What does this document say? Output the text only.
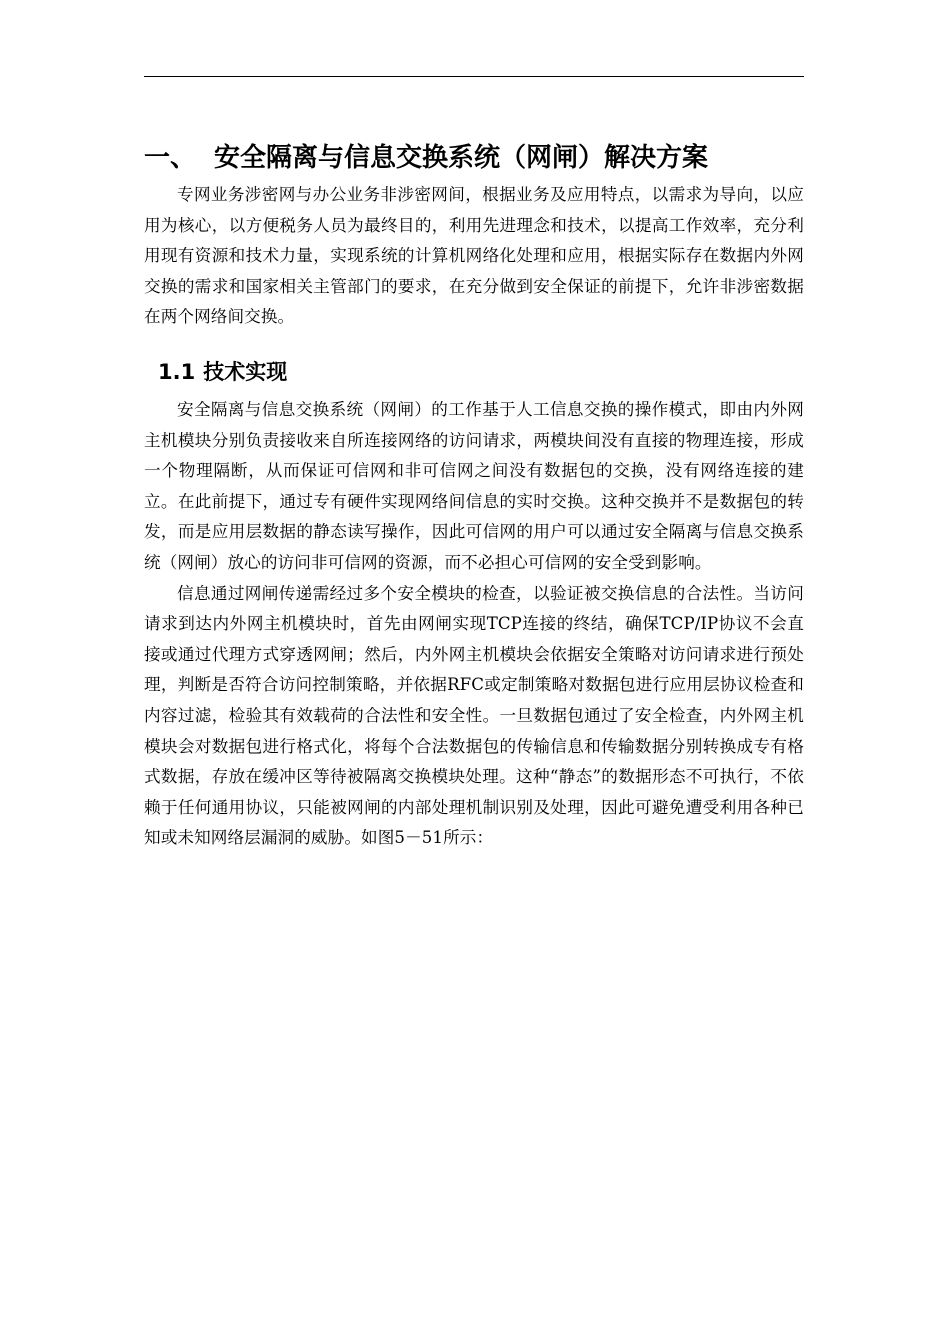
一、 安全隔离与信息交换系统（网闸）解决方案

专网业务涉密网与办公业务非涉密网间，根据业务及应用特点，以需求为导向，以应用为核心，以方便税务人员为最终目的，利用先进理念和技术，以提高工作效率，充分利用现有资源和技术力量，实现系统的计算机网络化处理和应用，根据实际存在数据内外网交换的需求和国家相关主管部门的要求，在充分做到安全保证的前提下，允许非涉密数据在两个网络间交换。

1.1 技术实现

安全隔离与信息交换系统（网闸）的工作基于人工信息交换的操作模式，即由内外网主机模块分别负责接收来自所连接网络的访问请求，两模块间没有直接的物理连接，形成一个物理隔断，从而保证可信网和非可信网之间没有数据包的交换，没有网络连接的建立。在此前提下，通过专有硬件实现网络间信息的实时交换。这种交换并不是数据包的转发，而是应用层数据的静态读写操作，因此可信网的用户可以通过安全隔离与信息交换系统（网闸）放心的访问非可信网的资源，而不必担心可信网的安全受到影响。

信息通过网闸传递需经过多个安全模块的检查，以验证被交换信息的合法性。当访问请求到达内外网主机模块时，首先由网闸实现TCP连接的终结，确保TCP/IP协议不会直接或通过代理方式穿透网闸；然后，内外网主机模块会依据安全策略对访问请求进行预处理，判断是否符合访问控制策略，并依据RFC或定制策略对数据包进行应用层协议检查和内容过滤，检验其有效载荷的合法性和安全性。一旦数据包通过了安全检查，内外网主机模块会对数据包进行格式化，将每个合法数据包的传输信息和传输数据分别转换成专有格式数据，存放在缓冲区等待被隔离交换模块处理。这种“静态”的数据形态不可执行，不依赖于任何通用协议，只能被网闸的内部处理机制识别及处理，因此可避免遭受利用各种已知或未知网络层漏洞的威胁。如图5－51所示：
